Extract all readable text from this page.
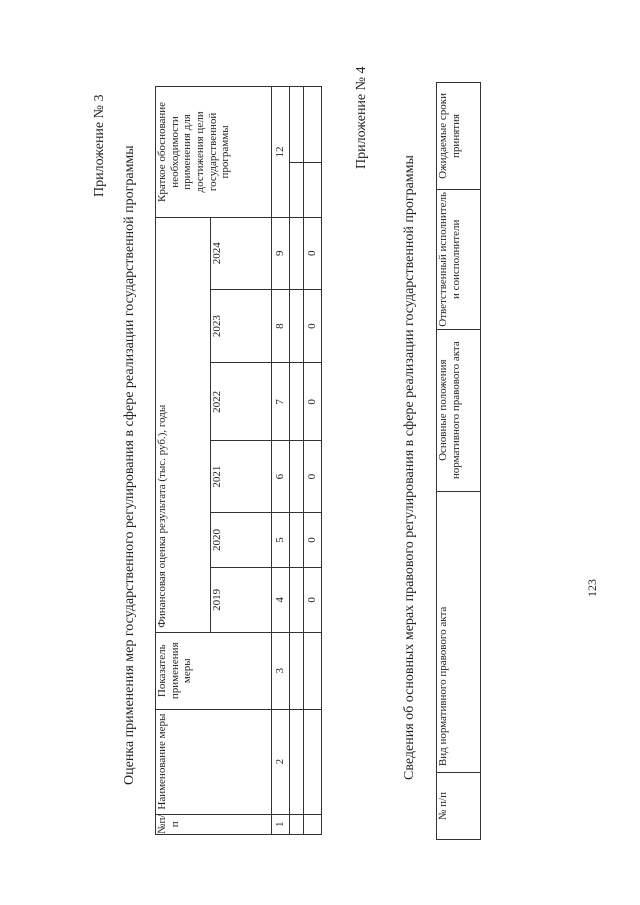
Приложение № 3 Оценка применения мер государственного регулирования в сфере реализации государственной программы
№п/п	Наименование меры	Показатель применения меры	Финансовая оценка результата (тыс. руб.), годы						Краткое обоснование необходимости применения для достижения цели государственной программы	
			2019	2020	2021	2022	2023	2024		
1	2	3	4	5	6	7	8	9	12	

			0	0	0	0	0	0		
Приложение № 4
Сведения об основных мерах правового регулирования в сфере реализации государственной программы
№ п/п	Вид нормативного правового акта	Основные положения нормативного правового акта	Ответственный исполнитель и соисполнители	Ожидаемые сроки принятия
123
